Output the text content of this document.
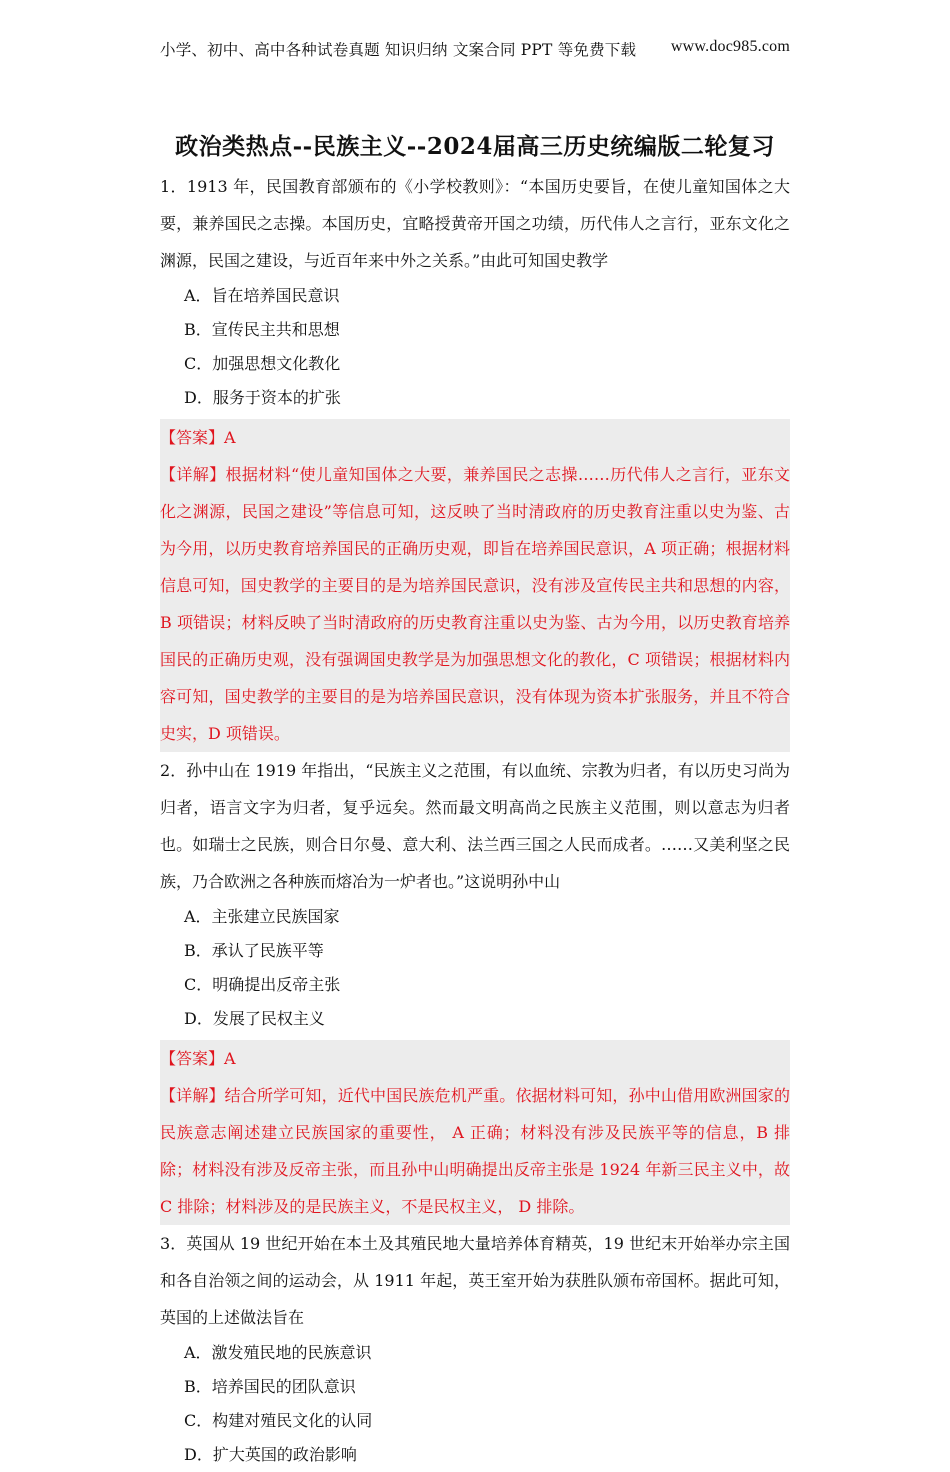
小学、初中、高中各种试卷真题 知识归纳 文案合同 PPT 等免费下载 www.doc985.com
政治类热点--民族主义--2024届高三历史统编版二轮复习

1．1913 年，民国教育部颁布的《小学校教则》：“本国历史要旨，在使儿童知国体之大要，兼养国民之志操。本国历史，宜略授黄帝开国之功绩，历代伟人之言行，亚东文化之渊源，民国之建设，与近百年来中外之关系。”由此可知国史教学

A．旨在培养国民意识
B．宣传民主共和思想
C．加强思想文化教化
D．服务于资本的扩张

【答案】A

【详解】根据材料“使儿童知国体之大要，兼养国民之志操……历代伟人之言行，亚东文化之渊源，民国之建设”等信息可知，这反映了当时清政府的历史教育注重以史为鉴、古为今用，以历史教育培养国民的正确历史观，即旨在培养国民意识，A 项正确；根据材料信息可知，国史教学的主要目的是为培养国民意识，没有涉及宣传民主共和思想的内容，B 项错误；材料反映了当时清政府的历史教育注重以史为鉴、古为今用，以历史教育培养国民的正确历史观，没有强调国史教学是为加强思想文化的教化，C 项错误；根据材料内容可知，国史教学的主要目的是为培养国民意识，没有体现为资本扩张服务，并且不符合史实，D 项错误。

2．孙中山在 1919 年指出，“民族主义之范围，有以血统、宗教为归者，有以历史习尚为归者，语言文字为归者，复乎远矣。然而最文明高尚之民族主义范围，则以意志为归者也。如瑞士之民族，则合日尔曼、意大利、法兰西三国之人民而成者。……又美利坚之民族，乃合欧洲之各种族而熔冶为一炉者也。”这说明孙中山

A．主张建立民族国家
B．承认了民族平等
C．明确提出反帝主张
D．发展了民权主义

【答案】A

【详解】结合所学可知，近代中国民族危机严重。依据材料可知，孙中山借用欧洲国家的民族意志阐述建立民族国家的重要性， A 正确；材料没有涉及民族平等的信息，B 排除；材料没有涉及反帝主张，而且孙中山明确提出反帝主张是 1924 年新三民主义中，故 C 排除；材料涉及的是民族主义，不是民权主义， D 排除。

3．英国从 19 世纪开始在本土及其殖民地大量培养体育精英，19 世纪末开始举办宗主国和各自治领之间的运动会，从 1911 年起，英王室开始为获胜队颁布帝国杯。据此可知，英国的上述做法旨在

A．激发殖民地的民族意识
B．培养国民的团队意识
C．构建对殖民文化的认同
D．扩大英国的政治影响
